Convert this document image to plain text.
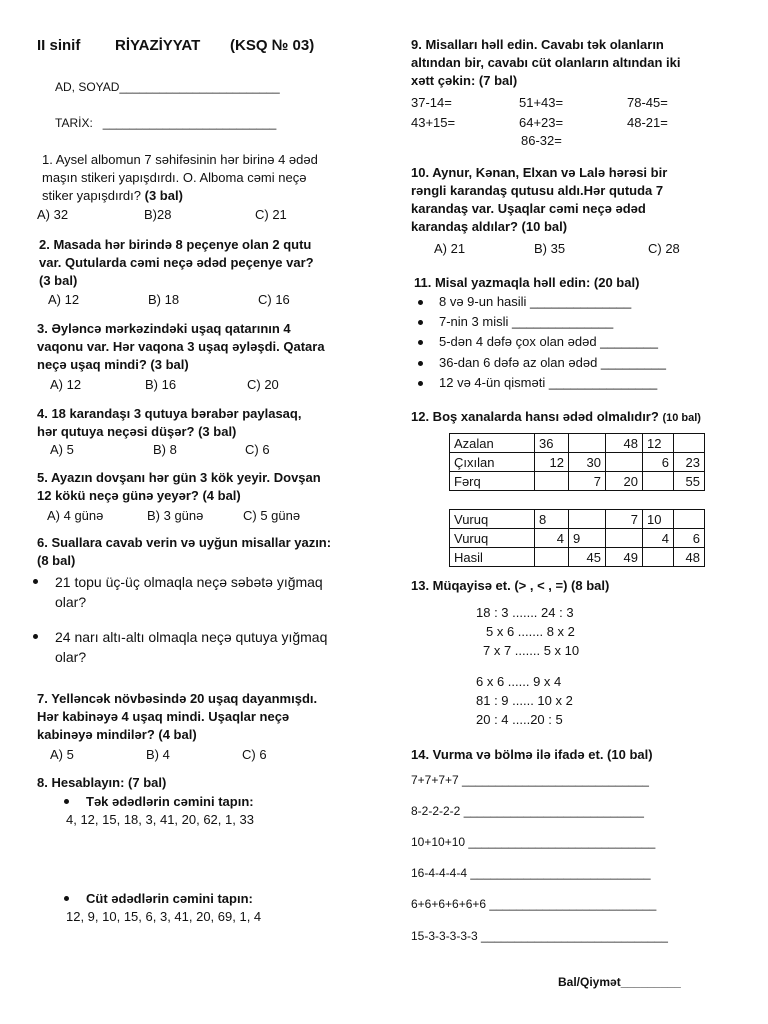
II sinif RİYAZİYYAT (KSQ № 03)
AD, SOYAD________________________
TARİX: __________________________
1. Aysel albomun 7 səhifəsinin hər birinə 4 ədəd
maşın stikeri yapışdırdı. O. Alboma cəmi neçə
stiker yapışdırdı? (3 bal)
A) 32	B)28	C) 21
2. Masada hər birində 8 peçenye olan 2 qutu
var. Qutularda cəmi neçə ədəd peçenye var?
(3 bal)
A) 12	B) 18	C) 16
3. Əyləncə mərkəzindəki uşaq qatarının 4
vaqonu var. Hər vaqona 3 uşaq əyləşdi. Qatara
neçə uşaq mindi? (3 bal)
A) 12	B) 16	C) 20
4. 18 karandaşı 3 qutuya bərabər paylasaq,
hər qutuya neçəsi düşər? (3 bal)
A) 5	B) 8	C) 6
5. Ayazın dovşanı hər gün 3 kök yeyir. Dovşan
12 kökü neçə günə yeyər? (4 bal)
A) 4 günə	B) 3 günə	C) 5 günə
6. Suallara cavab verin və uyğun misallar yazın:
(8 bal)
21 topu üç-üç olmaqla neçə səbətə yığmaq
olar?
24 narı altı-altı olmaqla neçə qutuya yığmaq
olar?
7. Yelləncək növbəsində 20 uşaq dayanmışdı.
Hər kabinəyə 4 uşaq mindi. Uşaqlar neçə
kabinəyə mindilər? (4 bal)
A) 5	B) 4	C) 6
8. Hesablayın: (7 bal)
Tək ədədlərin cəmini tapın:
4, 12, 15, 18, 3, 41, 20, 62, 1, 33
Cüt ədədlərin cəmini tapın:
12, 9, 10, 15, 6, 3, 41, 20, 69, 1, 4
9. Misalları həll edin. Cavabı tək olanların
altından bir, cavabı cüt olanların altından iki
xətt çəkin: (7 bal)
37-14=	51+43=	78-45=
43+15=	64+23=	48-21=
86-32=
10. Aynur, Kənan, Elxan və Lalə hərəsi bir
rəngli karandaş qutusu aldı.Hər qutuda 7
karandaş var. Uşaqlar cəmi neçə ədəd
karandaş aldılar? (10 bal)
A) 21	B) 35	C) 28
11. Misal yazmaqla həll edin: (20 bal)
8 və 9-un hasili ______________
7-nin 3 misli ______________
5-dən 4 dəfə çox olan ədəd ________
36-dan 6 dəfə az olan ədəd _________
12 və 4-ün qisməti _______________
12. Boş xanalarda hansı ədəd olmalıdır? (10 bal)
Azalan	36		48	12	
Çıxılan	12	30		6	23
Fərq		7	20		55
Vuruq	8		7	10	
Vuruq	4	9		4	6
Hasil		45	49		48
13. Müqayisə et. (> , < , =) (8 bal)
18 : 3 ....... 24 : 3
5 x 6 ....... 8 x 2
7 x 7 ....... 5 x 10
6 x 6 ...... 9 x 4
81 : 9 ...... 10 x 2
20 : 4 .....20 : 5
14. Vurma və bölmə ilə ifadə et. (10 bal)
7+7+7+7 ____________________________
8-2-2-2-2 ___________________________
10+10+10 ____________________________
16-4-4-4-4 ___________________________
6+6+6+6+6+6 _________________________
15-3-3-3-3-3 ____________________________
Bal/Qiymət_________
